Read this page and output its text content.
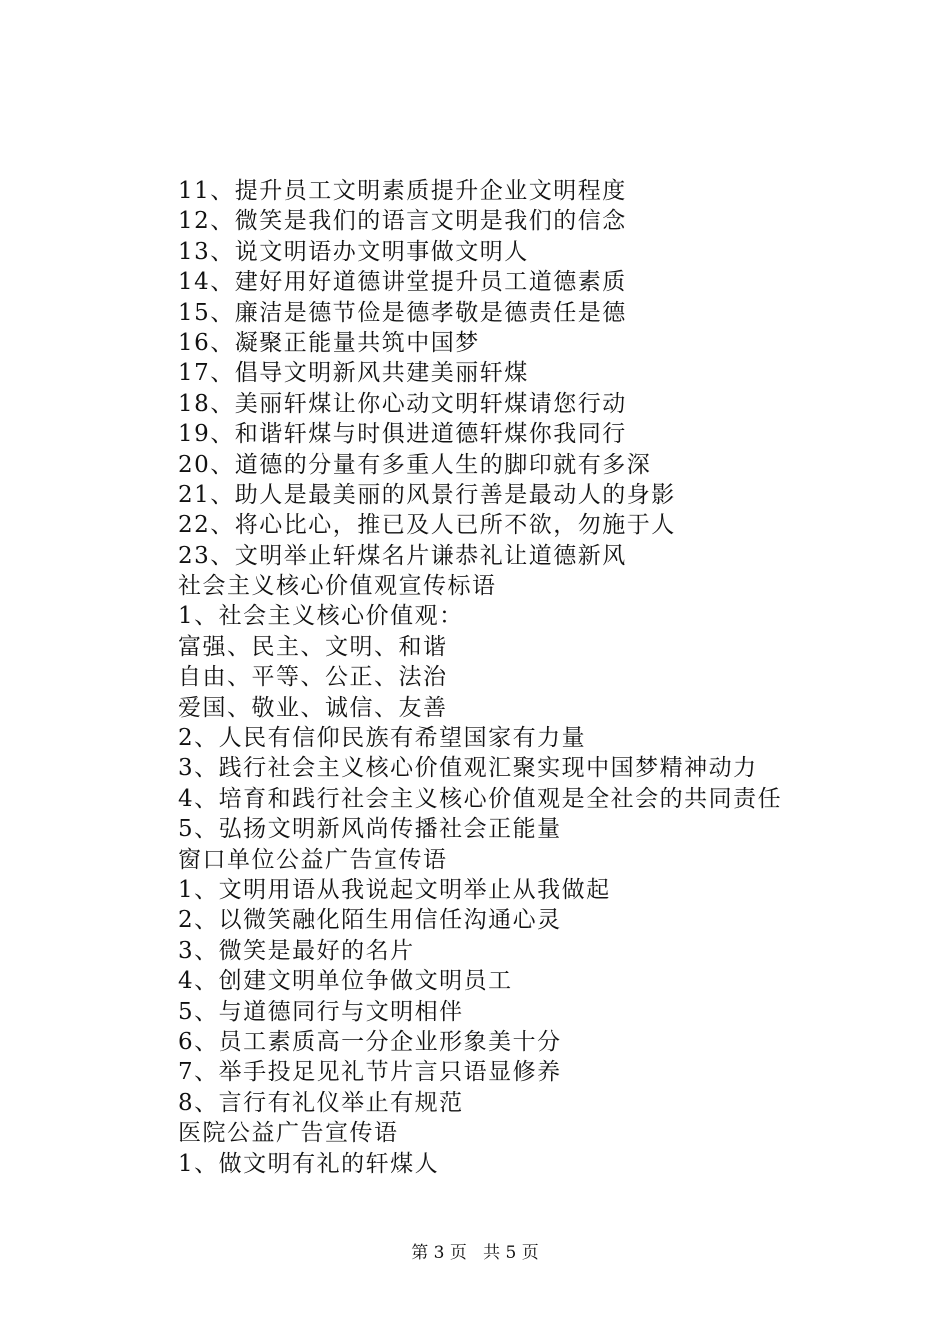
11、提升员工文明素质提升企业文明程度
12、微笑是我们的语言文明是我们的信念
13、说文明语办文明事做文明人
14、建好用好道德讲堂提升员工道德素质
15、廉洁是德节俭是德孝敬是德责任是德
16、凝聚正能量共筑中国梦
17、倡导文明新风共建美丽轩煤
18、美丽轩煤让你心动文明轩煤请您行动
19、和谐轩煤与时俱进道德轩煤你我同行
20、道德的分量有多重人生的脚印就有多深
21、助人是最美丽的风景行善是最动人的身影
22、将心比心，推已及人已所不欲，勿施于人
23、文明举止轩煤名片谦恭礼让道德新风
社会主义核心价值观宣传标语
1、社会主义核心价值观：
富强、民主、文明、和谐
自由、平等、公正、法治
爱国、敬业、诚信、友善
2、人民有信仰民族有希望国家有力量
3、践行社会主义核心价值观汇聚实现中国梦精神动力
4、培育和践行社会主义核心价值观是全社会的共同责任
5、弘扬文明新风尚传播社会正能量
窗口单位公益广告宣传语
1、文明用语从我说起文明举止从我做起
2、以微笑融化陌生用信任沟通心灵
3、微笑是最好的名片
4、创建文明单位争做文明员工
5、与道德同行与文明相伴
6、员工素质高一分企业形象美十分
7、举手投足见礼节片言只语显修养
8、言行有礼仪举止有规范
医院公益广告宣传语
1、做文明有礼的轩煤人
第 3 页   共 5 页
